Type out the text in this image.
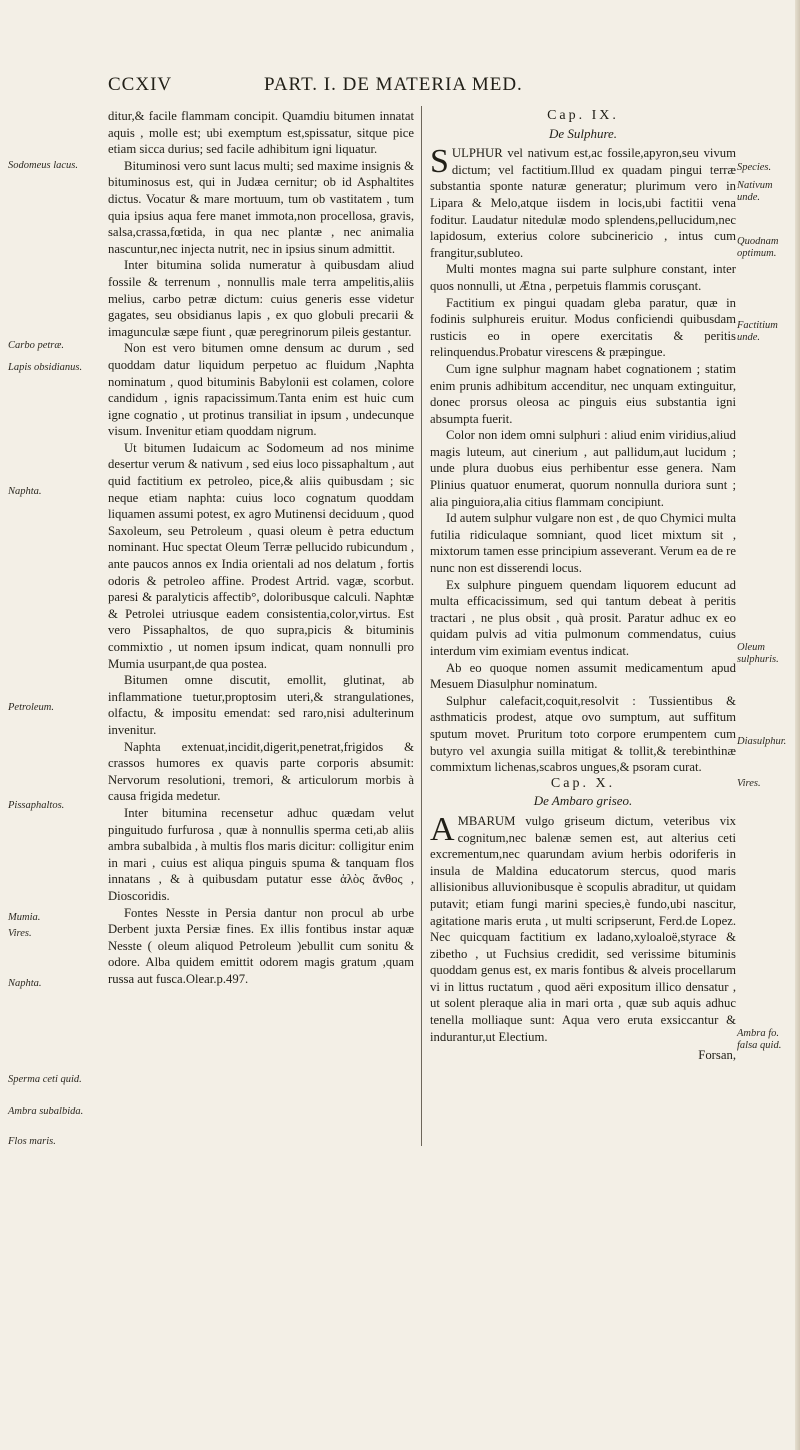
CCXIV	PART. I. DE MATERIA MED.

ditur,& facile flammam concipit. Quamdiu bitumen innatat aquis , molle est; ubi exemptum est,spissatur, sitque pice etiam sicca durius; sed facile adhibitum igni liquatur.

Bituminosi vero sunt lacus multi; sed maxime insignis & bituminosus est, qui in Judæa cernitur; ob id Asphaltites dictus. Vocatur & mare mortuum, tum ob vastitatem , tum quia ipsius aqua fere manet immota,non procellosa, gravis, salsa,crassa,fœtida, in qua nec plantæ , nec animalia nascuntur,nec injecta nutrit, nec in ipsius sinum admittit.

Inter bitumina solida numeratur à quibusdam aliud fossile & terrenum , nonnullis male terra ampelitis,aliis melius, carbo petræ dictum: cuius generis esse videtur gagates, seu obsidianus lapis , ex quo globuli precarii & imagunculæ sæpe fiunt , quæ peregrinorum pileis gestantur.

Non est vero bitumen omne densum ac durum , sed quoddam datur liquidum perpetuo ac fluidum ,Naphta nominatum , quod bituminis Babylonii est colamen, colore candidum , ignis rapacissimum.Tanta enim est huic cum igne cognatio , ut protinus transiliat in ipsum , undecunque visum. Invenitur etiam quoddam nigrum.

Ut bitumen Iudaicum ac Sodomeum ad nos minime desertur verum & nativum , sed eius loco pissaphaltum , aut quid factitium ex petroleo, pice,& aliis quibusdam ; sic neque etiam naphta: cuius loco cognatum quoddam liquamen assumi potest, ex agro Mutinensi deciduum , quod Saxoleum, seu Petroleum , quasi oleum è petra eductum nominant. Huc spectat Oleum Terræ pellucido rubicundum , ante paucos annos ex India orientali ad nos delatum , fortis odoris & petroleo affine. Prodest Artrid. vagæ, scorbut. paresi & paralyticis affectib°, doloribusque calculi. Naphtæ & Petrolei utriusque eadem consistentia,color,virtus. Est vero Pissaphaltos, de quo supra,picis & bituminis commixtio , ut nomen ipsum indicat, quam nonnulli pro Mumia usurpant,de qua postea.

Bitumen omne discutit, emollit, glutinat, ab inflammatione tuetur,proptosim uteri,& strangulationes, olfactu, & impositu emendat: sed raro,nisi adulterinum invenitur.

Naphta extenuat,incidit,digerit,penetrat,frigidos & crassos humores ex quavis parte corporis absumit: Nervorum resolutioni, tremori, & articulorum morbis à causa frigida medetur.

Inter bitumina recensetur adhuc quædam velut pinguitudo furfurosa , quæ à nonnullis sperma ceti,ab aliis ambra subalbida , à multis flos maris dicitur: colligitur enim in mari , cuius est aliqua pinguis spuma & tanquam flos innatans , & à quibusdam putatur esse ἀλὸς ἄνθος , Dioscoridis.

Fontes Nesste in Persia dantur non procul ab urbe Derbent juxta Persiæ fines. Ex illis fontibus instar aquæ Nesste ( oleum aliquod Petroleum )ebullit cum sonitu & odore. Alba quidem emittit odorem magis gratum ,quam russa aut fusca.Olear.p.497.

Cap. IX.
De Sulphure.

SULPHUR vel nativum est,ac fossile,apyron,seu vivum dictum; vel factitium.Illud ex quadam pingui terræ substantia sponte naturæ generatur; plurimum vero in Lipara & Melo,atque iisdem in locis,ubi factitii vena foditur. Laudatur nitedulæ modo splendens,pellucidum,nec lapidosum, exterius colore subcinericio , intus cum frangitur,subluteo.

Multi montes magna sui parte sulphure constant, inter quos nonnulli, ut Ætna , perpetuis flammis corusçant.

Factitium ex pingui quadam gleba paratur, quæ in fodinis sulphureis eruitur. Modus conficiendi quibusdam rusticis eo in opere exercitatis & peritis relinquendus.Probatur virescens & præpingue.

Cum igne sulphur magnam habet cognationem ; statim enim prunis adhibitum accenditur, nec unquam extinguitur, donec prorsus oleosa ac pinguis eius substantia igni absumpta fuerit.

Color non idem omni sulphuri : aliud enim viridius,aliud magis luteum, aut cinerium , aut pallidum,aut lucidum ; unde plura duobus eius perhibentur esse genera. Nam Plinius quatuor enumerat, quorum nonnulla duriora sunt ; alia pinguiora,alia citius flammam concipiunt.

Id autem sulphur vulgare non est , de quo Chymici multa futilia ridiculaque somniant, quod licet mixtum sit , mixtorum tamen esse principium asseverant. Verum ea de re nunc non est disserendi locus.

Ex sulphure pinguem quendam liquorem educunt ad multa efficacissimum, sed qui tantum debeat à peritis tractari , ne plus obsit , quà prosit. Paratur adhuc ex eo quidam pulvis ad vitia pulmonum commendatus, cuius interdum vim eximiam eventus indicat.

Ab eo quoque nomen assumit medicamentum apud Mesuem Diasulphur nominatum.

Sulphur calefacit,coquit,resolvit : Tussientibus & asthmaticis prodest, atque ovo sumptum, aut suffitum sputum movet. Pruritum toto corpore erumpentem cum butyro vel axungia suilla mitigat & tollit,& terebinthinæ commixtum lichenas,scabros ungues,& psoram curat.

Cap. X.
De Ambaro griseo.

AMBARUM vulgo griseum dictum, veteribus vix cognitum,nec balenæ semen est, aut alterius ceti excrementum,nec quarundam avium herbis odoriferis in insula de Maldina educatorum stercus, quod maris allisionibus alluvionibusque è scopulis abraditur, ut quidam putavit; etiam fungi marini species,è fundo,ubi nascitur, agitatione maris eruta , ut multi scripserunt, Ferd.de Lopez. Nec quicquam factitium ex ladano,xyloaloë,styrace & zibetho , ut Fuchsius credidit, sed verissime bituminis quoddam genus est, ex maris fontibus & alveis procellarum vi in littus ructatum , quod aëri expositum illico densatur , ut solent pleraque alia in mari orta , quæ sub aquis adhuc tenella molliaque sunt: Aqua vero eruta exsiccantur & indurantur,ut Electium.

Forsan,

Sodomeus lacus.
Carbo petræ.
Lapis obsidianus.
Naphta.
Petroleum.
Pissaphaltos.
Mumia.
Vires.
Naphta.
Sperma ceti quid.
Ambra subalbida.
Flos maris.
Species.
Nativum unde.
Quodnam optimum.
Factitium unde.
Oleum sulphuris.
Diasulphur.
Vires.
Ambra fo. falsa quid.
